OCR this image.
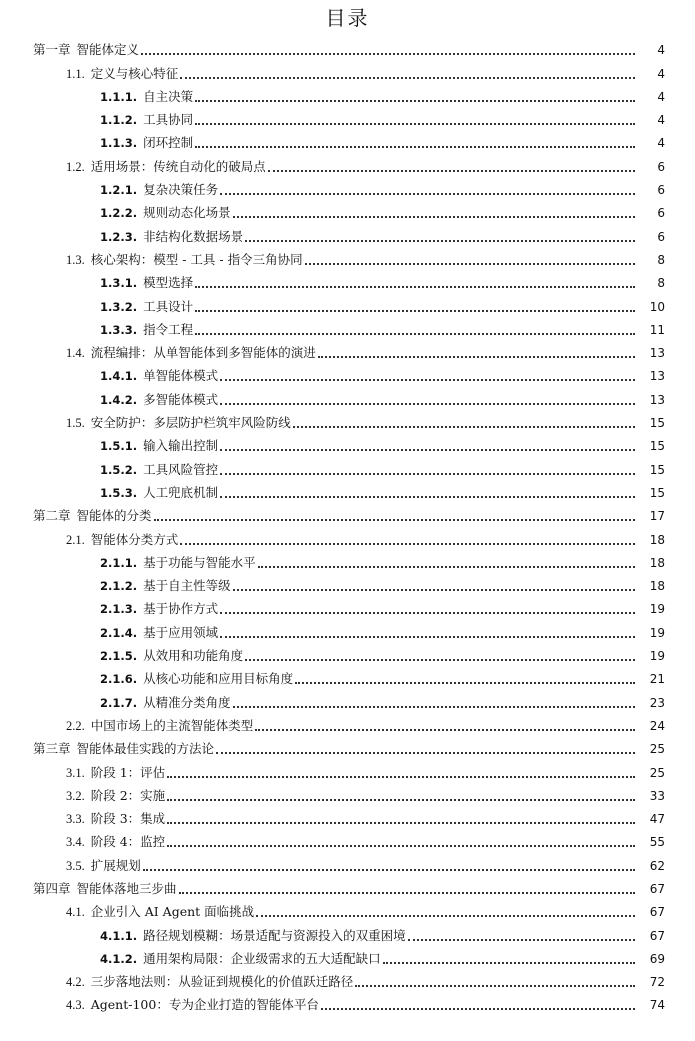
目录
第一章 智能体定义	4
1.1. 定义与核心特征	4
1.1.1. 自主决策	4
1.1.2. 工具协同	4
1.1.3. 闭环控制	4
1.2. 适用场景：传统自动化的破局点	6
1.2.1. 复杂决策任务	6
1.2.2. 规则动态化场景	6
1.2.3. 非结构化数据场景	6
1.3. 核心架构：模型 - 工具 - 指令三角协同	8
1.3.1. 模型选择	8
1.3.2. 工具设计	10
1.3.3. 指令工程	11
1.4. 流程编排：从单智能体到多智能体的演进	13
1.4.1. 单智能体模式	13
1.4.2. 多智能体模式	13
1.5. 安全防护：多层防护栏筑牢风险防线	15
1.5.1. 输入输出控制	15
1.5.2. 工具风险管控	15
1.5.3. 人工兜底机制	15
第二章 智能体的分类	17
2.1. 智能体分类方式	18
2.1.1. 基于功能与智能水平	18
2.1.2. 基于自主性等级	18
2.1.3. 基于协作方式	19
2.1.4. 基于应用领域	19
2.1.5. 从效用和功能角度	19
2.1.6. 从核心功能和应用目标角度	21
2.1.7. 从精准分类角度	23
2.2. 中国市场上的主流智能体类型	24
第三章 智能体最佳实践的方法论	25
3.1. 阶段 1：评估	25
3.2. 阶段 2：实施	33
3.3. 阶段 3：集成	47
3.4. 阶段 4：监控	55
3.5. 扩展规划	62
第四章 智能体落地三步曲	67
4.1. 企业引入 AI Agent 面临挑战	67
4.1.1. 路径规划模糊：场景适配与资源投入的双重困境	67
4.1.2. 通用架构局限：企业级需求的五大适配缺口	69
4.2. 三步落地法则：从验证到规模化的价值跃迁路径	72
4.3. Agent-100：专为企业打造的智能体平台	74
